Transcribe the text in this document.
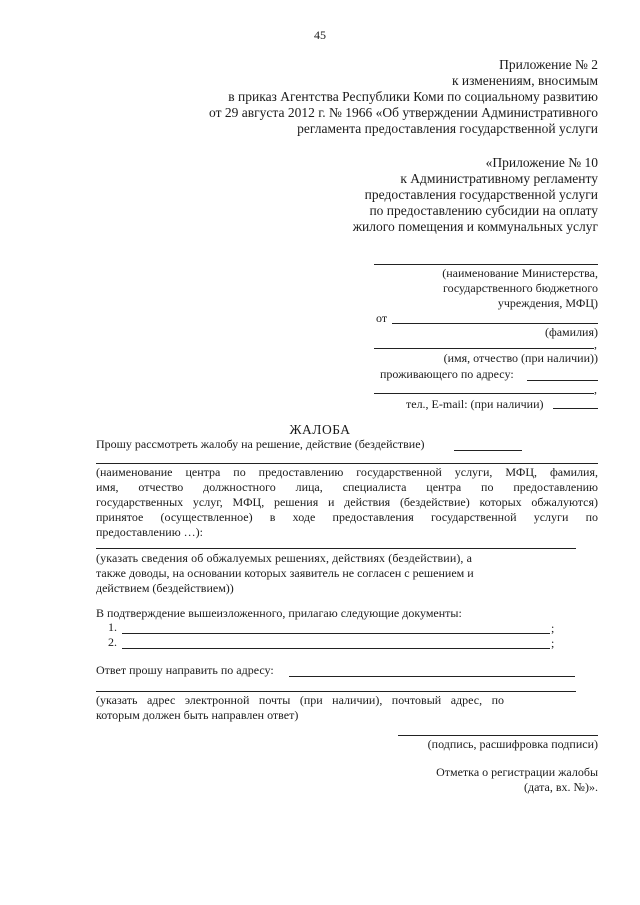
45
Приложение № 2
к изменениям, вносимым
в приказ Агентства Республики Коми по социальному развитию
от 29 августа 2012 г. № 1966 «Об утверждении Административного
регламента предоставления государственной услуги
«Приложение № 10
к Административному регламенту
предоставления государственной услуги
по предоставлению субсидии на оплату
жилого помещения и коммунальных услуг
(наименование Министерства,
государственного бюджетного
учреждения, МФЦ)
от
(фамилия)
,
(имя, отчество (при наличии))
проживающего по адресу:
,
тел., E-mail: (при наличии)
ЖАЛОБА
Прошу рассмотреть жалобу на решение, действие (бездействие)
(наименование центра по предоставлению государственной услуги, МФЦ, фамилия,
имя, отчество должностного лица, специалиста центра по предоставлению
государственных услуг, МФЦ, решения и действия (бездействие) которых обжалуются)
принятое (осуществленное) в ходе предоставления государственной услуги по
предоставлению …):
(указать сведения об обжалуемых решениях, действиях (бездействии), а
также доводы, на основании которых заявитель не согласен с решением и
действием (бездействием))
В подтверждение вышеизложенного, прилагаю следующие документы:
1.	;
2.	;
Ответ прошу направить по адресу:
(указать адрес электронной почты (при наличии), почтовый адрес, по
которым должен быть направлен ответ)
(подпись, расшифровка подписи)
Отметка о регистрации жалобы
(дата, вх. №)».
